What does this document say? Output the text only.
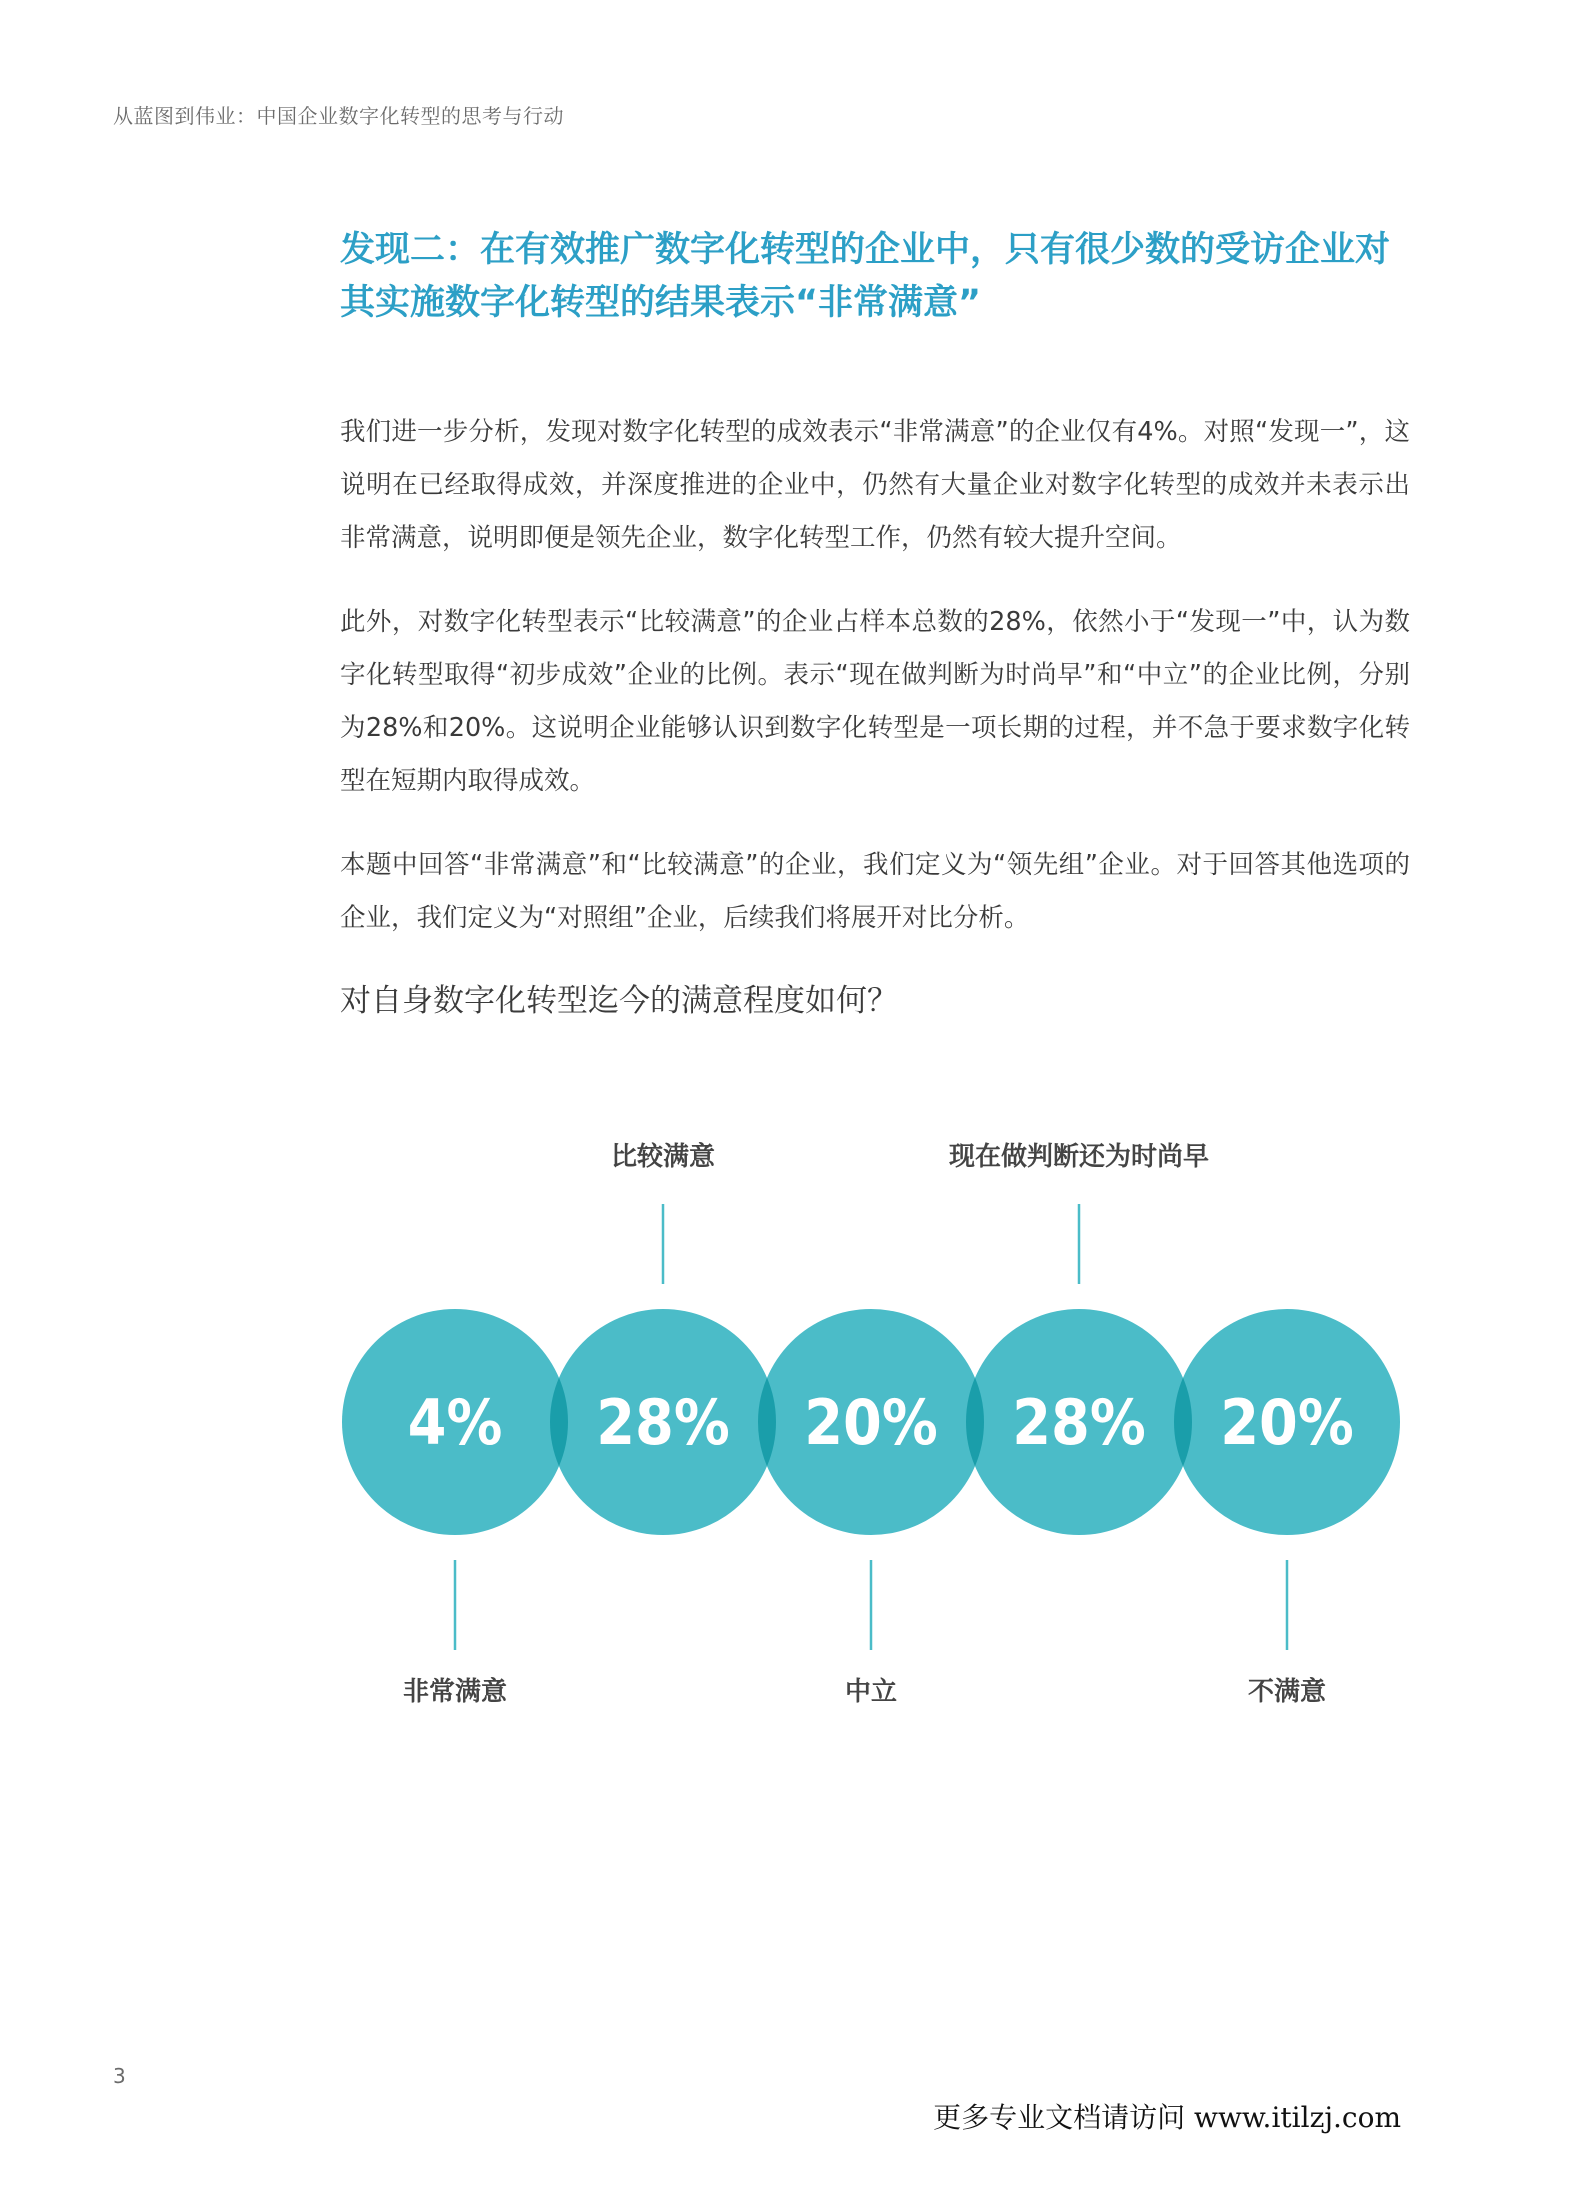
从蓝图到伟业：中国企业数字化转型的思考与行动
发现二：在有效推广数字化转型的企业中，只有很少数的受访企业对其实施数字化转型的结果表示“非常满意”

我们进一步分析，发现对数字化转型的成效表示“非常满意”的企业仅有4%。对照“发现一”，这说明在已经取得成效，并深度推进的企业中，仍然有大量企业对数字化转型的成效并未表示出非常满意，说明即便是领先企业，数字化转型工作，仍然有较大提升空间。

此外，对数字化转型表示“比较满意”的企业占样本总数的28%，依然小于“发现一”中，认为数字化转型取得“初步成效”企业的比例。表示“现在做判断为时尚早”和“中立”的企业比例，分别为28%和20%。这说明企业能够认识到数字化转型是一项长期的过程，并不急于要求数字化转型在短期内取得成效。

本题中回答“非常满意”和“比较满意”的企业，我们定义为“领先组”企业。对于回答其他选项的企业，我们定义为“对照组”企业，后续我们将展开对比分析。

对自身数字化转型迄今的满意程度如何？
4% 28% 20% 28% 20%
非常满意
比较满意
中立
现在做判断还为时尚早
不满意
3
更多专业文档请访问 www.itilzj.com
